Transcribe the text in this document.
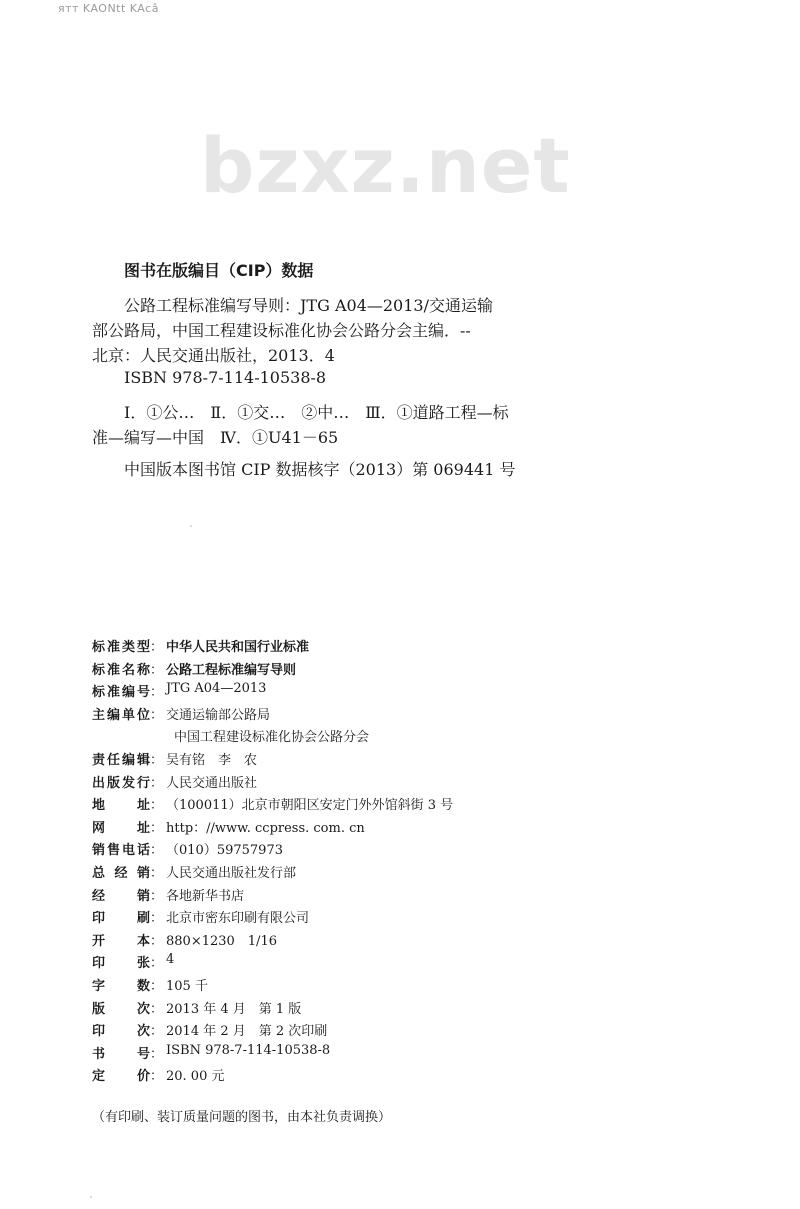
ятт KAONtt KAcâ
bzxz.net
图书在版编目（CIP）数据
公路工程标准编写导则：JTG A04—2013/交通运输
部公路局，中国工程建设标准化协会公路分会主编．--
北京：人民交通出版社，2013．4
ISBN 978-7-114-10538-8
Ⅰ．①公…　Ⅱ．①交…　②中…　Ⅲ．①道路工程—标
准—编写—中国　Ⅳ．①U41－65
中国版本图书馆 CIP 数据核字（2013）第 069441 号
标 准 类 型 ： 中华人民共和国行业标准
标 准 名 称 ： 公路工程标准编写导则
标 准 编 号 ： JTG A04—2013
主 编 单 位 ： 交通运输部公路局
中国工程建设标准化协会公路分会
责 任 编 辑 ： 吴有铭　李　农
出 版 发 行 ： 人民交通出版社
地 址 ： （100011）北京市朝阳区安定门外外馆斜街 3 号
网 址 ： http：//www. ccpress. com. cn
销 售 电 话 ： （010）59757973
总 经 销 ： 人民交通出版社发行部
经 销 ： 各地新华书店
印 刷 ： 北京市密东印刷有限公司
开 本 ： 880×1230　1/16
印 张 ： 4
字 数 ： 105 千
版 次 ： 2013 年 4 月　第 1 版
印 次 ： 2014 年 2 月　第 2 次印刷
书 号 ： ISBN 978-7-114-10538-8
定 价 ： 20. 00 元
（有印刷、装订质量问题的图书，由本社负责调换）
